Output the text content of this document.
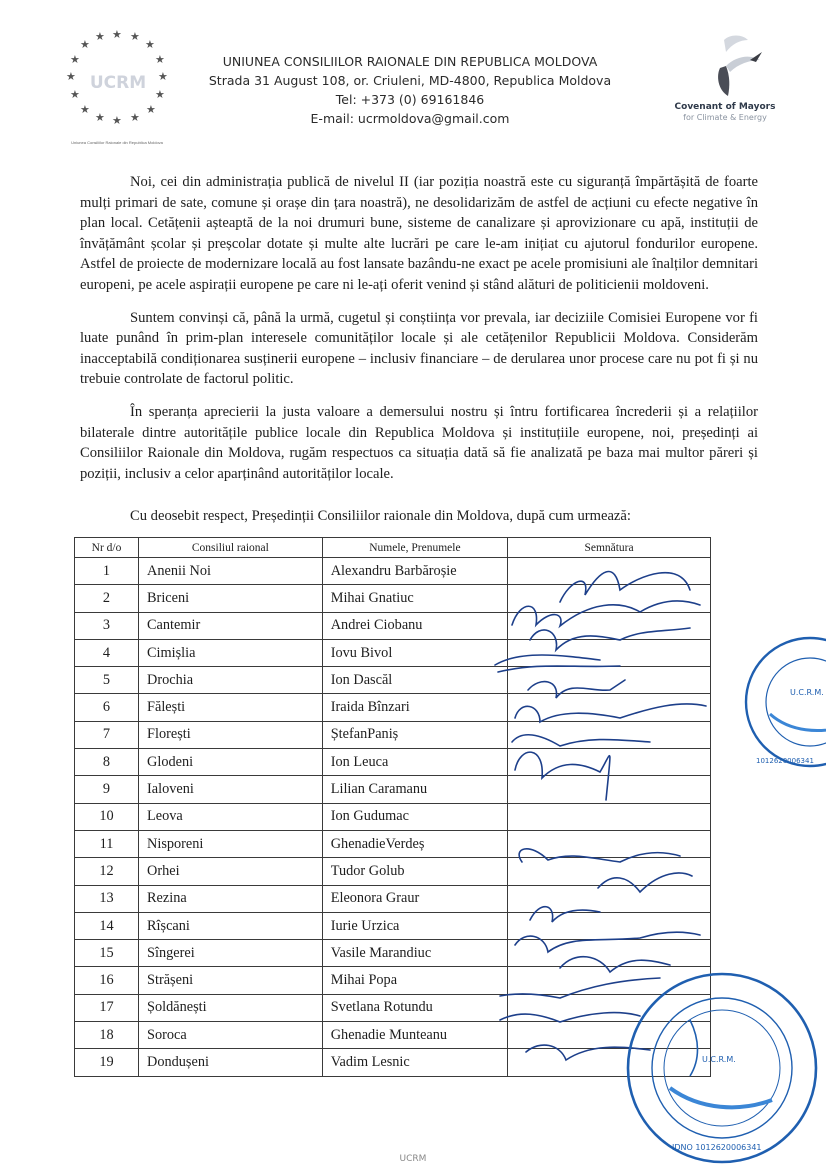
★ ★
★
★
★
★
★
★
★
★
★
★
★
★
★
★
UCRM
Uniunea Consiliilor Raionale din Republica Moldova
UNIUNEA CONSILIILOR RAIONALE DIN REPUBLICA MOLDOVA
Strada 31 August 108, or. Criuleni, MD-4800, Republica Moldova
Tel: +373 (0) 69161846
E-mail: ucrmoldova@gmail.com
Covenant of Mayors
for Climate & Energy

Noi, cei din administrația publică de nivelul II (iar poziția noastră este cu siguranță împărtășită de foarte mulți primari de sate, comune și orașe din țara noastră), ne desolidarizăm de astfel de acțiuni cu efecte negative în plan local. Cetățenii așteaptă de la noi drumuri bune, sisteme de canalizare și aprovizionare cu apă, instituții de învățământ școlar și preșcolar dotate și multe alte lucrări pe care le-am inițiat cu ajutorul fondurilor europene. Astfel de proiecte de modernizare locală au fost lansate bazându-ne exact pe acele promisiuni ale înalților demnitari europeni, pe acele aspirații europene pe care ni le-ați oferit venind și stând alături de politicienii moldoveni.

Suntem convinși că, până la urmă, cugetul și conștiința vor prevala, iar deciziile Comisiei Europene vor fi luate punând în prim-plan interesele comunităților locale și ale cetățenilor Republicii Moldova. Considerăm inacceptabilă condiționarea susținerii europene – inclusiv financiare – de derularea unor procese care nu pot fi și nu trebuie controlate de factorul politic.

În speranța aprecierii la justa valoare a demersului nostru și întru fortificarea încrederii și a relațiilor bilaterale dintre autoritățile publice locale din Republica Moldova și instituțiile europene, noi, președinți ai Consiliilor Raionale din Moldova, rugăm respectuos ca situația dată să fie analizată pe baza mai multor păreri și poziții, inclusiv a celor aparținând autorităților locale.

Cu deosebit respect, Președinții Consiliilor raionale din Moldova, după cum urmează:
Nr d/o	Consiliul raional	Numele, Prenumele	Semnătura
1	Anenii Noi	Alexandru Barbăroșie	
2	Briceni	Mihai Gnatiuc	
3	Cantemir	Andrei Ciobanu	
4	Cimișlia	Iovu Bivol	
5	Drochia	Ion Dascăl	
6	Fălești	Iraida Bînzari	
7	Florești	ȘtefanPaniș	
8	Glodeni	Ion Leuca	
9	Ialoveni	Lilian Caramanu	
10	Leova	Ion Gudumac	
11	Nisporeni	GhenadieVerdeș	
12	Orhei	Tudor Golub	
13	Rezina	Eleonora Graur	
14	Rîșcani	Iurie Urzica	
15	Sîngerei	Vasile Marandiuc	
16	Strășeni	Mihai Popa	
17	Șoldănești	Svetlana Rotundu	
18	Soroca	Ghenadie Munteanu	
19	Dondușeni	Vadim Lesnic	
U.C.R.M.
1012620006341
U.C.R.M.
IDNO 1012620006341
UCRM
